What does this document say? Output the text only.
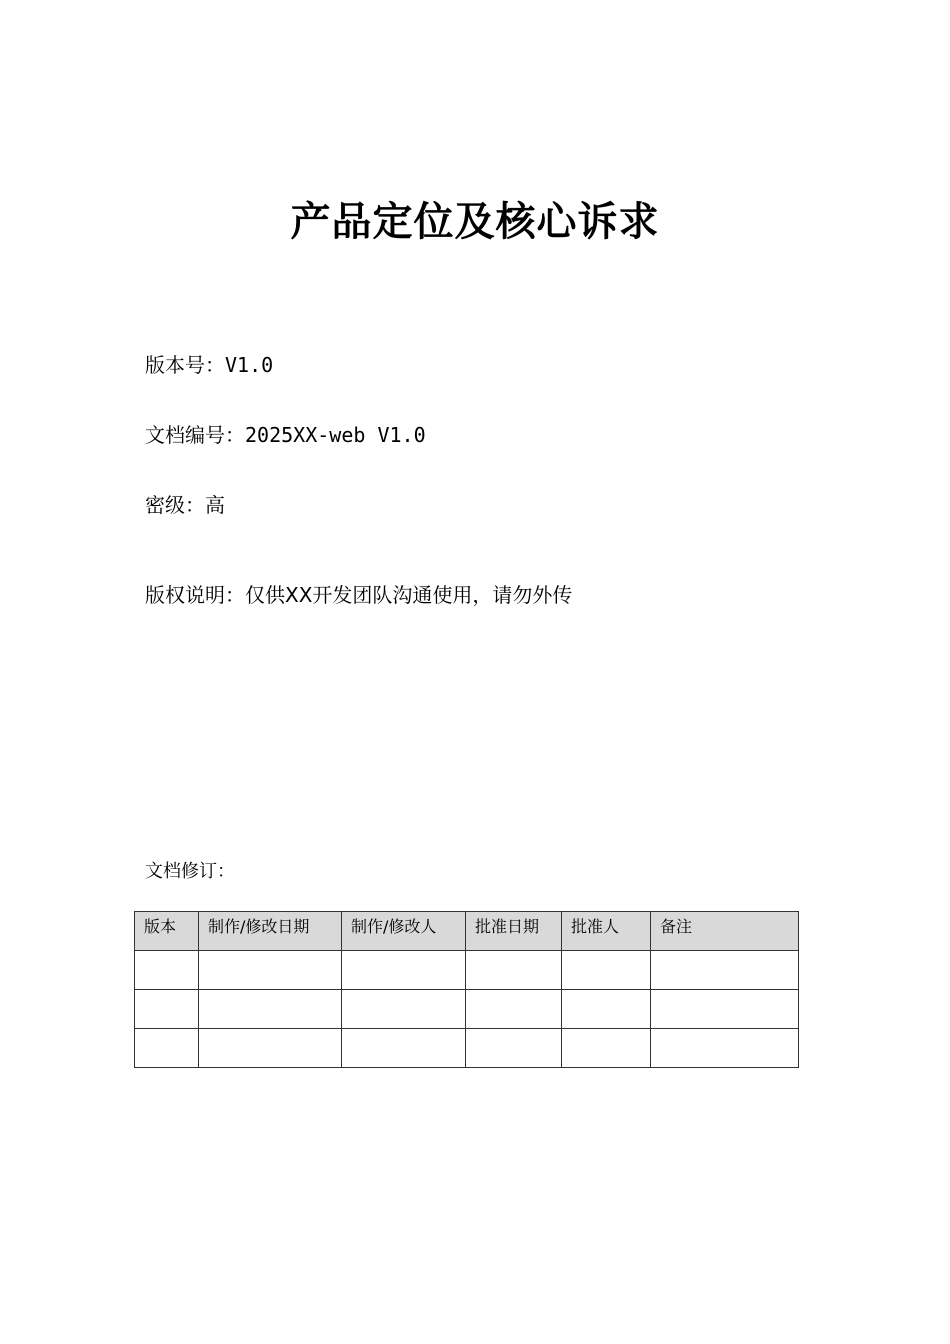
产品定位及核心诉求
版本号：V1.0
文档编号：2025XX-web V1.0
密级：高
版权说明：仅供XX开发团队沟通使用，请勿外传
文档修订：
版本	制作/修改日期	制作/修改人	批准日期	批准人	备注
